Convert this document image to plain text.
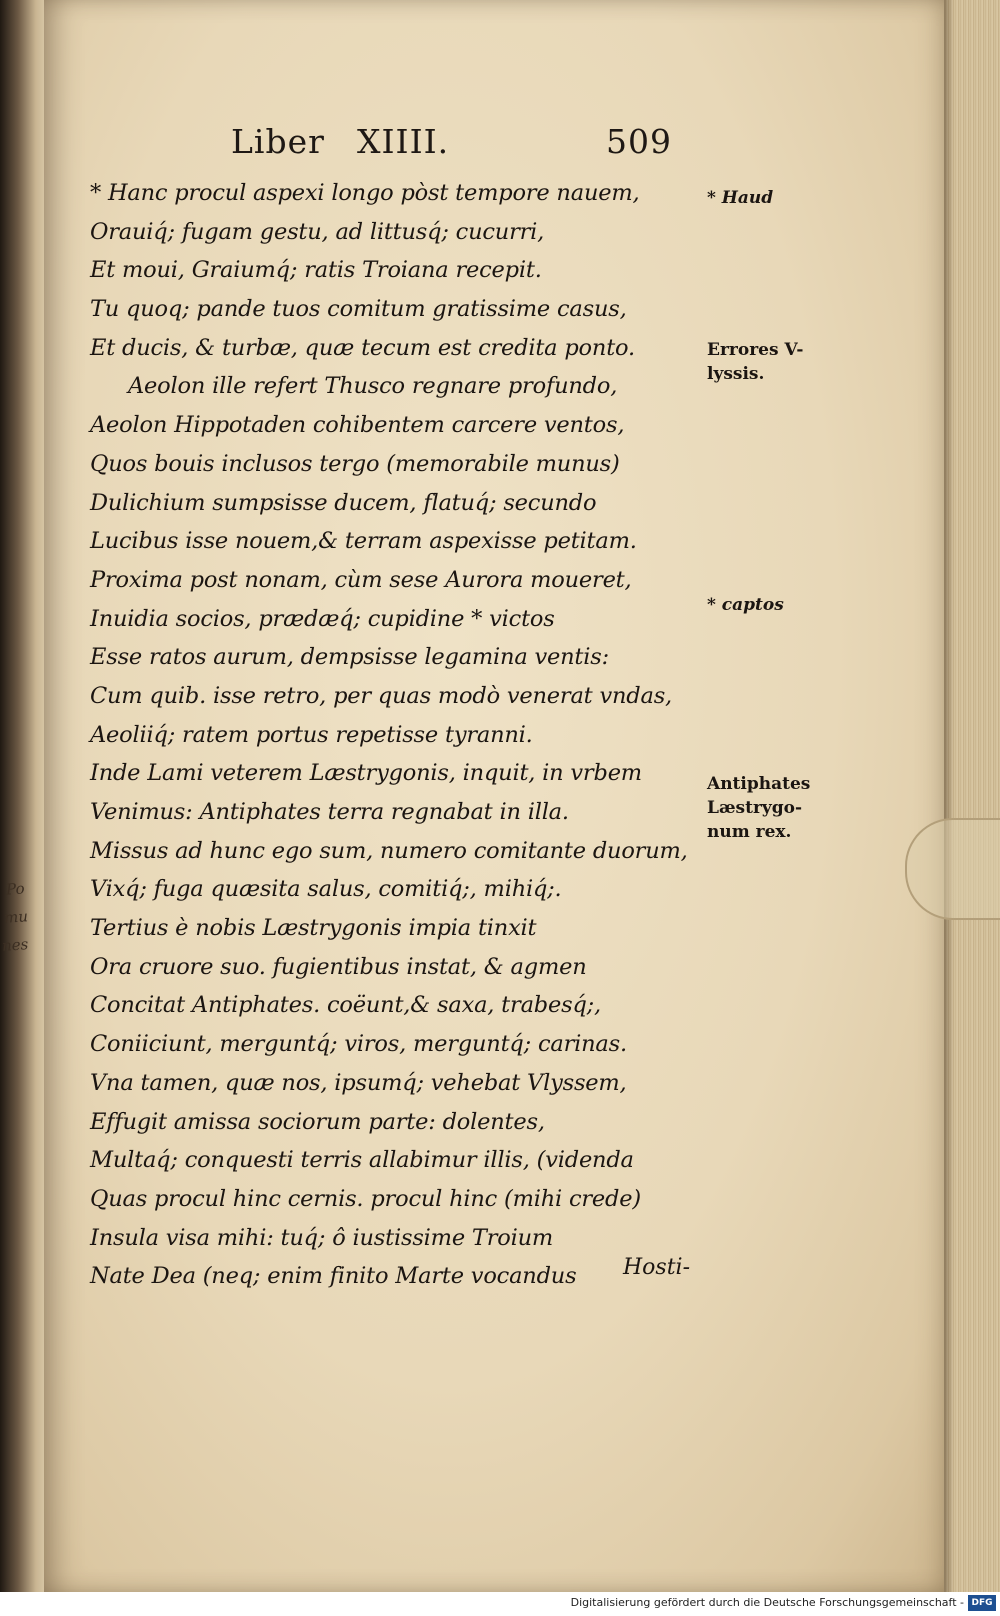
Po
mu
nes
Liber XIIII.	509
* Hanc procul aspexi longo pòst tempore nauem,
Orauiq́; fugam gestu, ad littusq́; cucurri,
Et moui, Graiumq́; ratis Troiana recepit.
Tu quoq; pande tuos comitum gratissime casus,
Et ducis, & turbæ, quæ tecum est credita ponto.
Aeolon ille refert Thusco regnare profundo,
Aeolon Hippotaden cohibentem carcere ventos,
Quos bouis inclusos tergo (memorabile munus)
Dulichium sumpsisse ducem, flatuq́; secundo
Lucibus isse nouem,& terram aspexisse petitam.
Proxima post nonam, cùm sese Aurora moueret,
Inuidia socios, prædæq́; cupidine * victos
Esse ratos aurum, dempsisse legamina ventis:
Cum quib. isse retro, per quas modò venerat vndas,
Aeoliiq́; ratem portus repetisse tyranni.
Inde Lami veterem Læstrygonis, inquit, in vrbem
Venimus: Antiphates terra regnabat in illa.
Missus ad hunc ego sum, numero comitante duorum,
Vixq́; fuga quæsita salus, comitiq́;, mihiq́;.
Tertius è nobis Læstrygonis impia tinxit
Ora cruore suo. fugientibus instat, & agmen
Concitat Antiphates. coëunt,& saxa, trabesq́;,
Coniiciunt, merguntq́; viros, merguntq́; carinas.
Vna tamen, quæ nos, ipsumq́; vehebat Vlyssem,
Effugit amissa sociorum parte: dolentes,
Multaq́; conquesti terris allabimur illis, (videnda
Quas procul hinc cernis. procul hinc (mihi crede)
Insula visa mihi: tuq́; ô iustissime Troium
Nate Dea (neq; enim finito Marte vocandus
* Haud
Errores V-
lyssis.
* captos
Antiphates
Læstrygo-
num rex.
Hosti-
Digitalisierung gefördert durch die Deutsche Forschungsgemeinschaft - DFG
